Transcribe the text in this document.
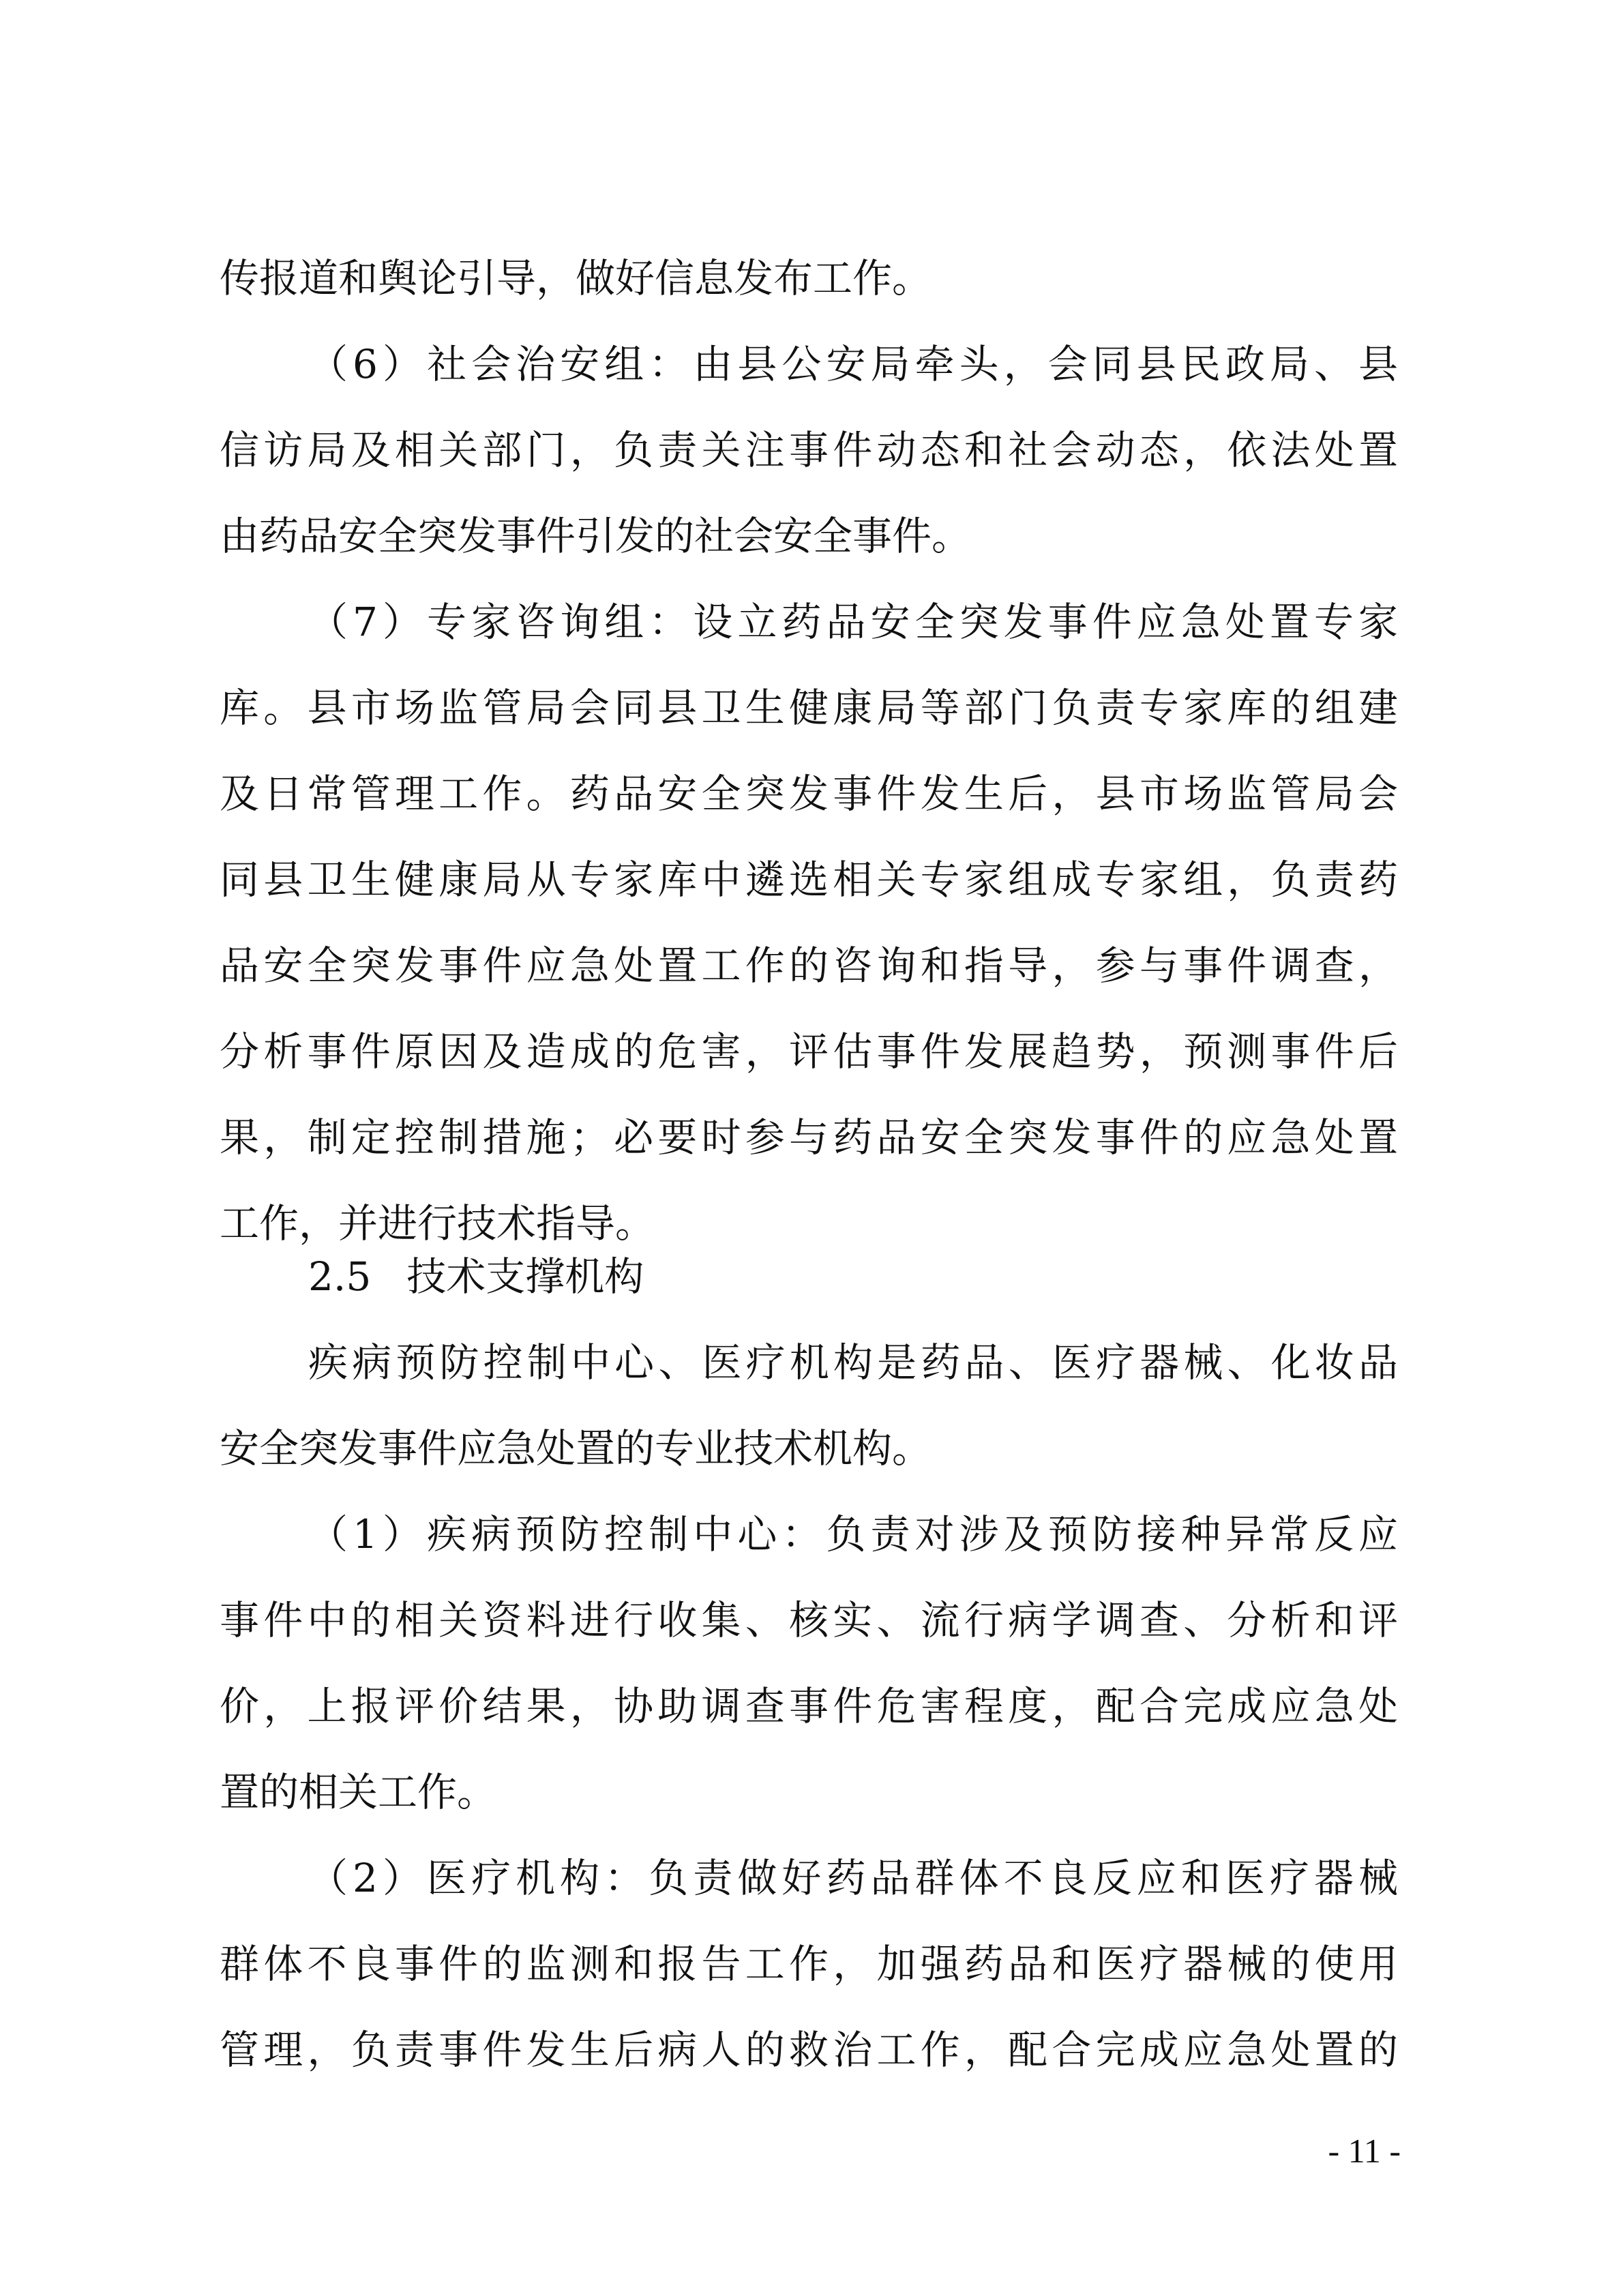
传报道和舆论引导，做好信息发布工作。
（6）社会治安组：由县公安局牵头，会同县民政局、县
信访局及相关部门，负责关注事件动态和社会动态，依法处置
由药品安全突发事件引发的社会安全事件。
（7）专家咨询组：设立药品安全突发事件应急处置专家
库。县市场监管局会同县卫生健康局等部门负责专家库的组建
及日常管理工作。药品安全突发事件发生后，县市场监管局会
同县卫生健康局从专家库中遴选相关专家组成专家组，负责药
品安全突发事件应急处置工作的咨询和指导，参与事件调查，
分析事件原因及造成的危害，评估事件发展趋势，预测事件后
果，制定控制措施；必要时参与药品安全突发事件的应急处置
工作，并进行技术指导。
2.5 技术支撑机构
疾病预防控制中心、医疗机构是药品、医疗器械、化妆品
安全突发事件应急处置的专业技术机构。
（1）疾病预防控制中心：负责对涉及预防接种异常反应
事件中的相关资料进行收集、核实、流行病学调查、分析和评
价，上报评价结果，协助调查事件危害程度，配合完成应急处
置的相关工作。
（2）医疗机构：负责做好药品群体不良反应和医疗器械
群体不良事件的监测和报告工作，加强药品和医疗器械的使用
管理，负责事件发生后病人的救治工作，配合完成应急处置的
- 11 -
